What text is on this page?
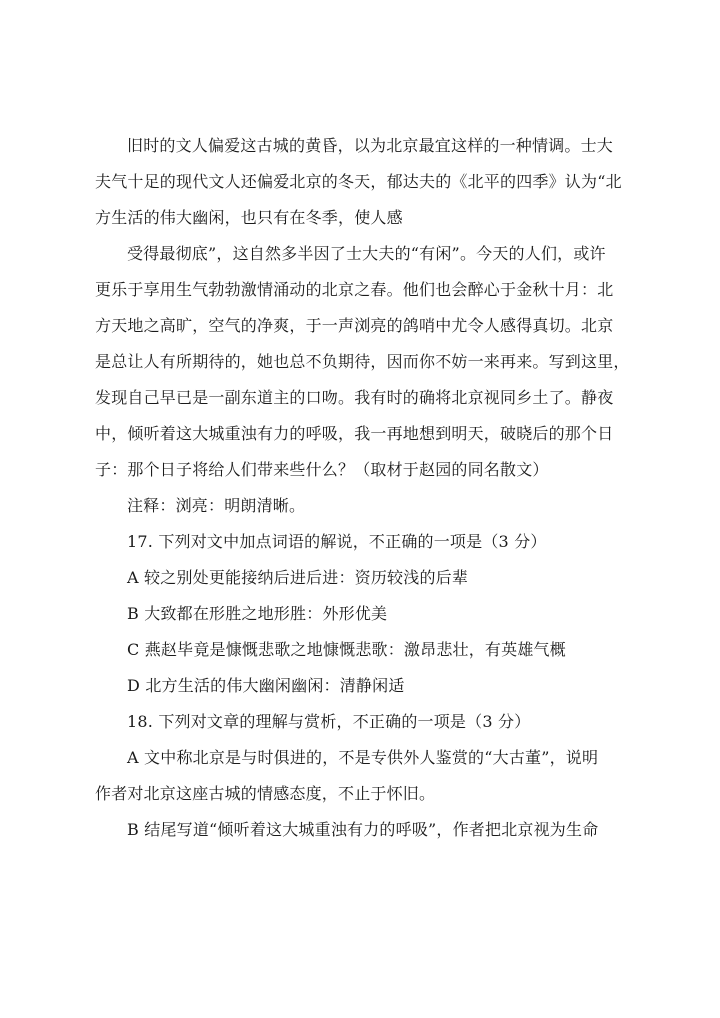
旧时的文人偏爱这古城的黄昏，以为北京最宜这样的一种情调。士大
夫气十足的现代文人还偏爱北京的冬天，郁达夫的《北平的四季》认为“北
方生活的伟大幽闲，也只有在冬季，使人感
受得最彻底”，这自然多半因了士大夫的“有闲”。今天的人们，或许
更乐于享用生气勃勃激情涌动的北京之春。他们也会醉心于金秋十月：北
方天地之高旷，空气的净爽，于一声浏亮的鸽哨中尤令人感得真切。北京
是总让人有所期待的，她也总不负期待，因而你不妨一来再来。写到这里，
发现自己早已是一副东道主的口吻。我有时的确将北京视同乡土了。静夜
中，倾听着这大城重浊有力的呼吸，我一再地想到明天，破晓后的那个日
子：那个日子将给人们带来些什么？（取材于赵园的同名散文）
注释：浏亮：明朗清晰。
17. 下列对文中加点词语的解说，不正确的一项是（3 分）
A 较之别处更能接纳后进后进：资历较浅的后辈
B 大致都在形胜之地形胜：外形优美
C 燕赵毕竟是慷慨悲歌之地慷慨悲歌：激昂悲壮，有英雄气概
D 北方生活的伟大幽闲幽闲：清静闲适
18. 下列对文章的理解与赏析，不正确的一项是（3 分）
A 文中称北京是与时俱进的，不是专供外人鉴赏的“大古董”，说明
作者对北京这座古城的情感态度，不止于怀旧。
B 结尾写道“倾听着这大城重浊有力的呼吸”，作者把北京视为生命
